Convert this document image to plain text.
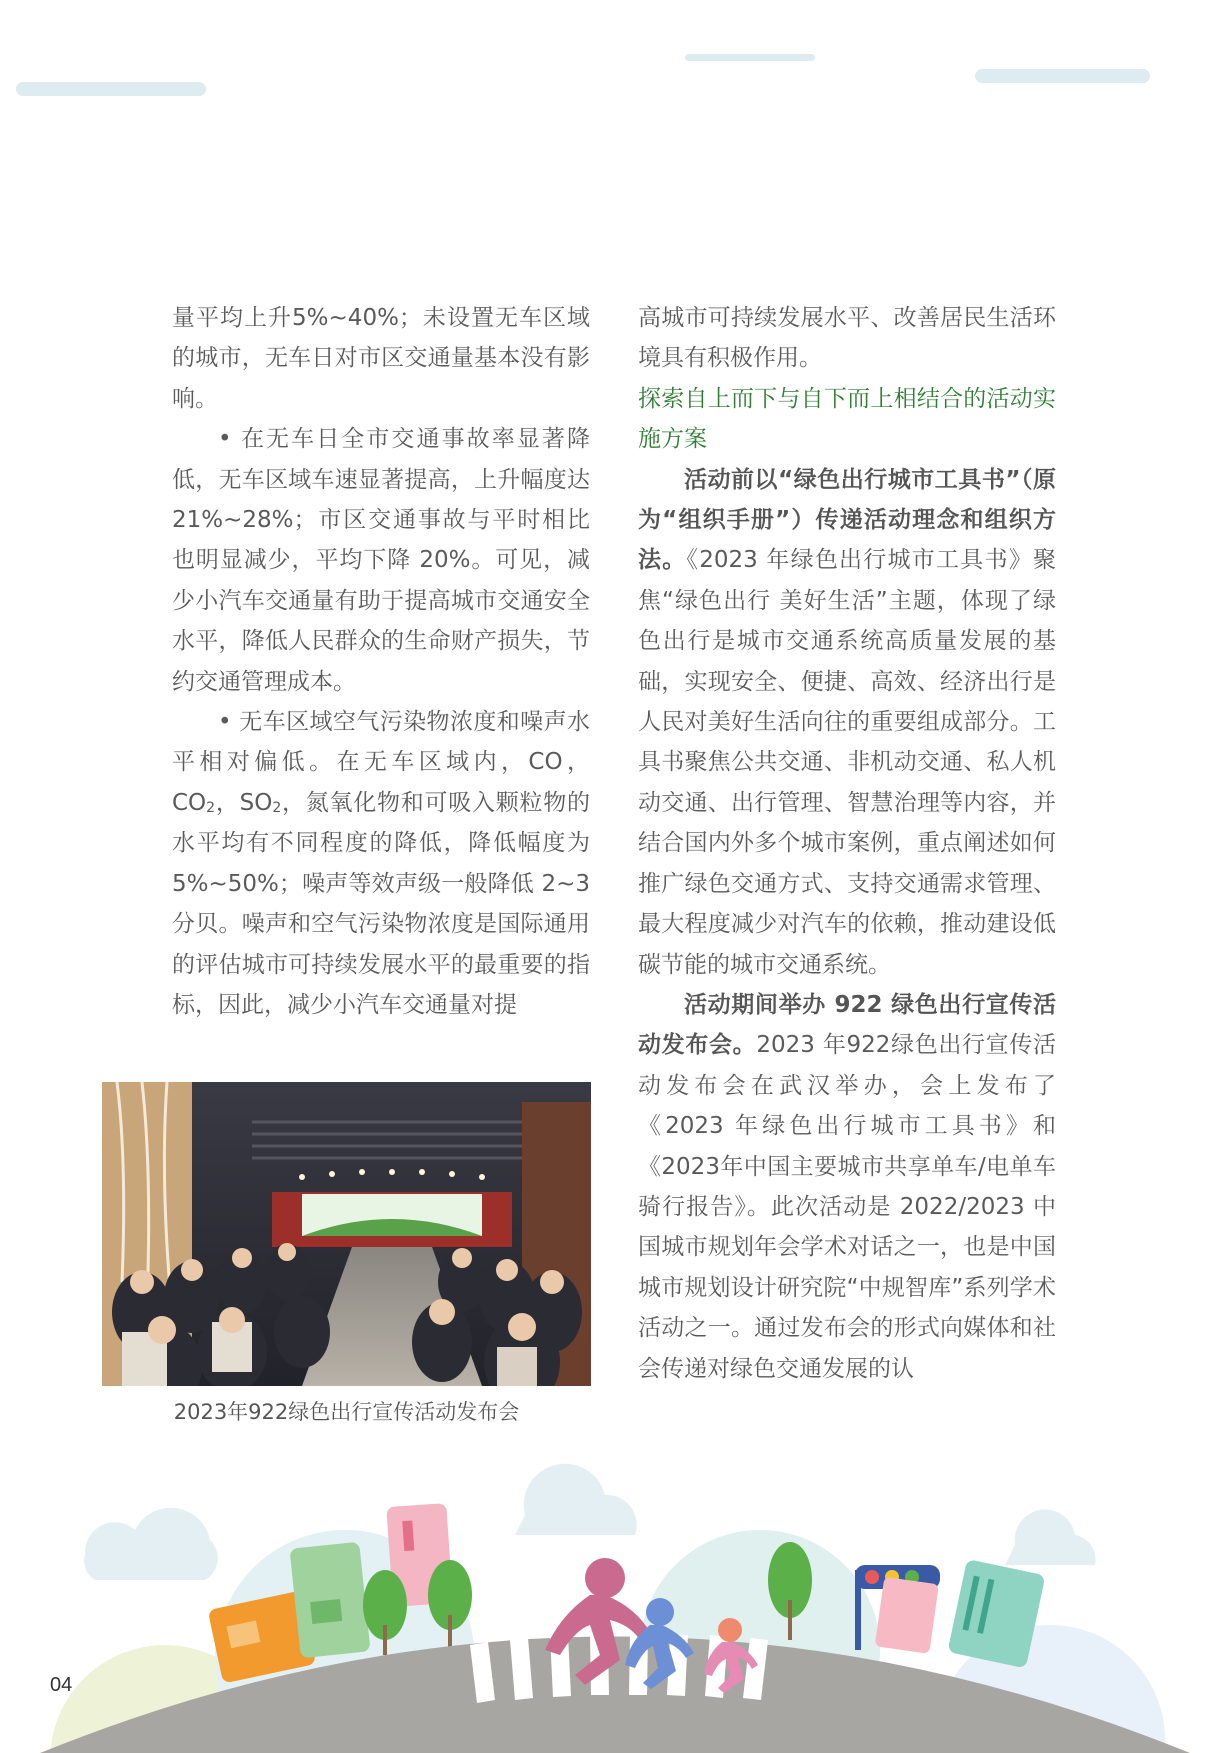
量平均上升5%~40%；未设置无车区域的城市，无车日对市区交通量基本没有影响。

• 在无车日全市交通事故率显著降低，无车区域车速显著提高，上升幅度达21%~28%；市区交通事故与平时相比也明显减少，平均下降 20%。可见，减少小汽车交通量有助于提高城市交通安全水平，降低人民群众的生命财产损失，节约交通管理成本。

• 无车区域空气污染物浓度和噪声水平相对偏低。在无车区域内，CO，$CO_2$，$SO_2$，氮氧化物和可吸入颗粒物的水平均有不同程度的降低，降低幅度为5%~50%；噪声等效声级一般降低 2~3 分贝。噪声和空气污染物浓度是国际通用的评估城市可持续发展水平的最重要的指标，因此，减少小汽车交通量对提

高城市可持续发展水平、改善居民生活环境具有积极作用。

探索自上而下与自下而上相结合的活动实施方案

活动前以“绿色出行城市工具书”（原为“组织手册”）传递活动理念和组织方法。《2023 年绿色出行城市工具书》聚焦“绿色出行 美好生活”主题，体现了绿色出行是城市交通系统高质量发展的基础，实现安全、便捷、高效、经济出行是人民对美好生活向往的重要组成部分。工具书聚焦公共交通、非机动交通、私人机动交通、出行管理、智慧治理等内容，并结合国内外多个城市案例，重点阐述如何推广绿色交通方式、支持交通需求管理、最大程度减少对汽车的依赖，推动建设低碳节能的城市交通系统。

活动期间举办 922 绿色出行宣传活动发布会。2023 年922绿色出行宣传活动发布会在武汉举办，会上发布了《2023 年绿色出行城市工具书》和《2023年中国主要城市共享单车/电单车骑行报告》。此次活动是 2022/2023 中国城市规划年会学术对话之一，也是中国城市规划设计研究院“中规智库”系列学术活动之一。通过发布会的形式向媒体和社会传递对绿色交通发展的认

2023年922绿色出行宣传活动发布会
04
